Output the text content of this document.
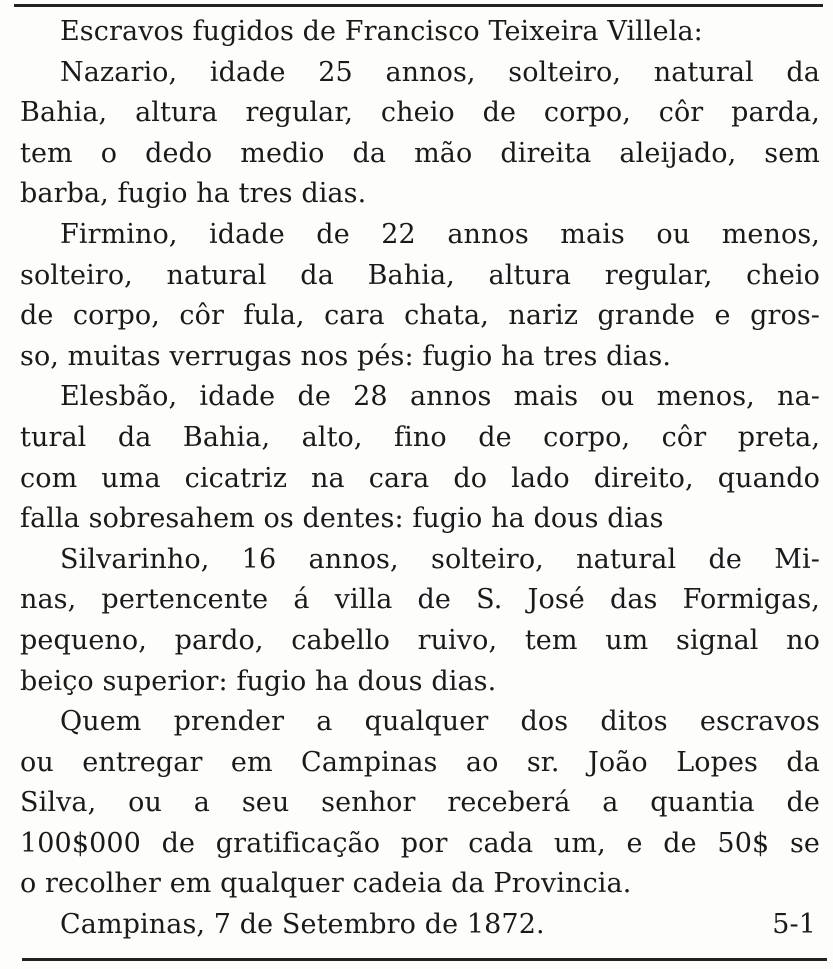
Escravos fugidos de Francisco Teixeira Villela:
Nazario, idade 25 annos, solteiro, natural da
Bahia, altura regular, cheio de corpo, côr parda,
tem o dedo medio da mão direita aleijado, sem
barba, fugio ha tres dias.
Firmino, idade de 22 annos mais ou menos,
solteiro, natural da Bahia, altura regular, cheio
de corpo, côr fula, cara chata, nariz grande e gros-
so, muitas verrugas nos pés: fugio ha tres dias.
Elesbão, idade de 28 annos mais ou menos, na-
tural da Bahia, alto, fino de corpo, côr preta,
com uma cicatriz na cara do lado direito, quando
falla sobresahem os dentes: fugio ha dous dias
Silvarinho, 16 annos, solteiro, natural de Mi-
nas, pertencente á villa de S. José das Formigas,
pequeno, pardo, cabello ruivo, tem um signal no
beiço superior: fugio ha dous dias.
Quem prender a qualquer dos ditos escravos
ou entregar em Campinas ao sr. João Lopes da
Silva, ou a seu senhor receberá a quantia de
100$000 de gratificação por cada um, e de 50$ se
o recolher em qualquer cadeia da Provincia.
Campinas, 7 de Setembro de 1872.	5-1
